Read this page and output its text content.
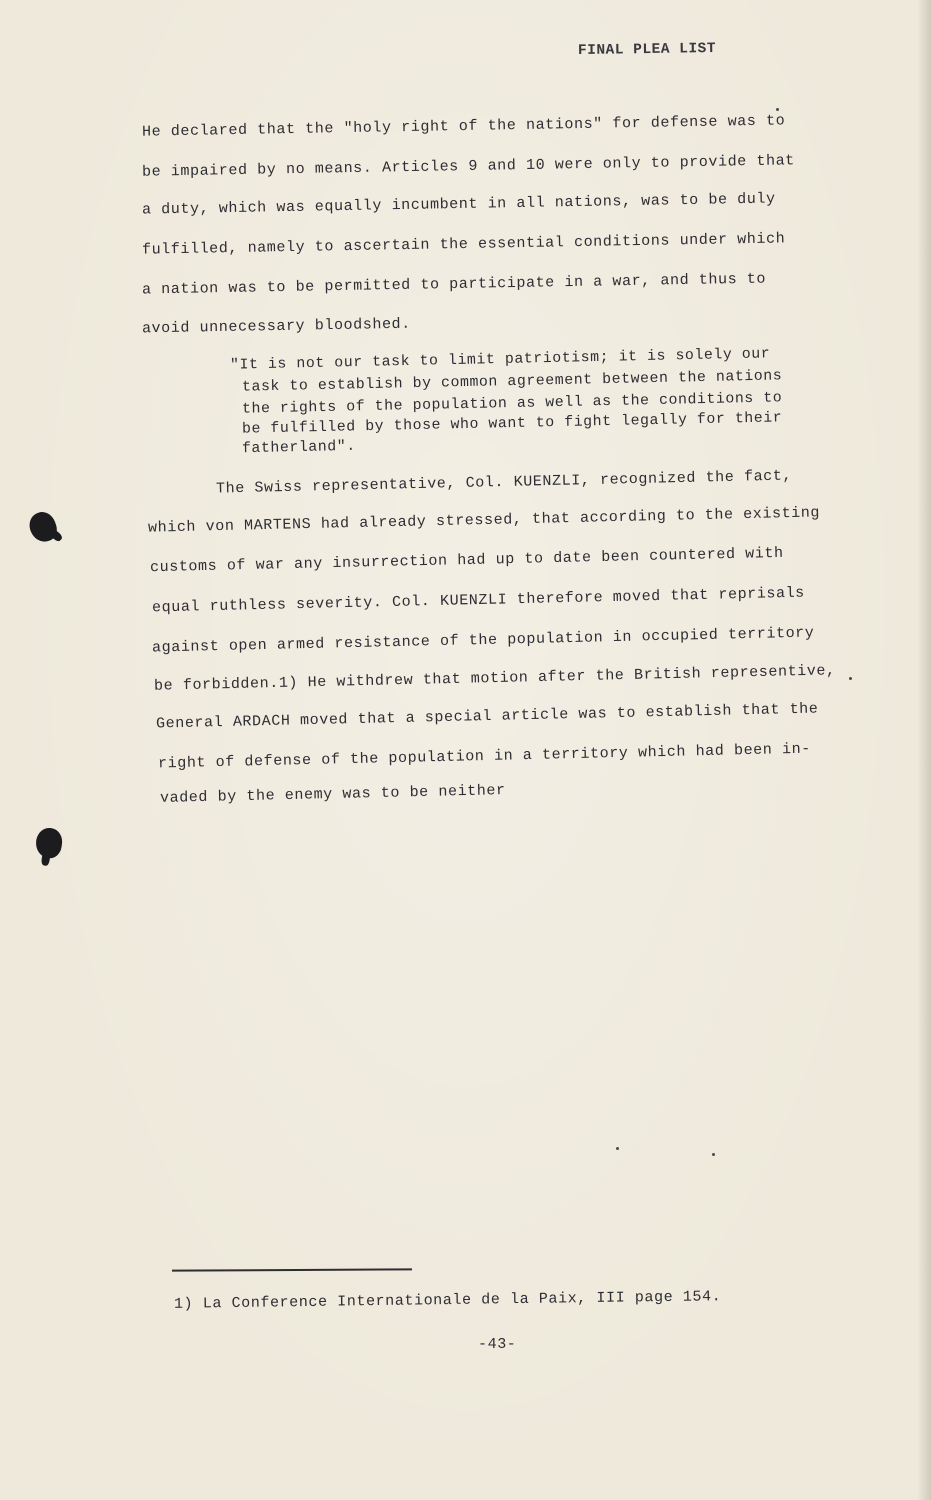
FINAL PLEA LIST
He declared that the "holy right of the nations" for defense was to
be impaired by no means. Articles 9 and 10 were only to provide that
a duty, which was equally incumbent in all nations, was to be duly
fulfilled, namely to ascertain the essential conditions under which
a nation was to be permitted to participate in a war, and thus to
avoid unnecessary bloodshed.
"It is not our task to limit patriotism; it is solely our
task to establish by common agreement between the nations
the rights of the population as well as the conditions to
be fulfilled by those who want to fight legally for their
fatherland".
The Swiss representative, Col. KUENZLI, recognized the fact,
which von MARTENS had already stressed, that according to the existing
customs of war any insurrection had up to date been countered with
equal ruthless severity. Col. KUENZLI therefore moved that reprisals
against open armed resistance of the population in occupied territory
be forbidden.1) He withdrew that motion after the British representive,
General ARDACH moved that a special article was to establish that the
right of defense of the population in a territory which had been in-
vaded by the enemy was to be neither
1) La Conference Internationale de la Paix, III page 154.
-43-
